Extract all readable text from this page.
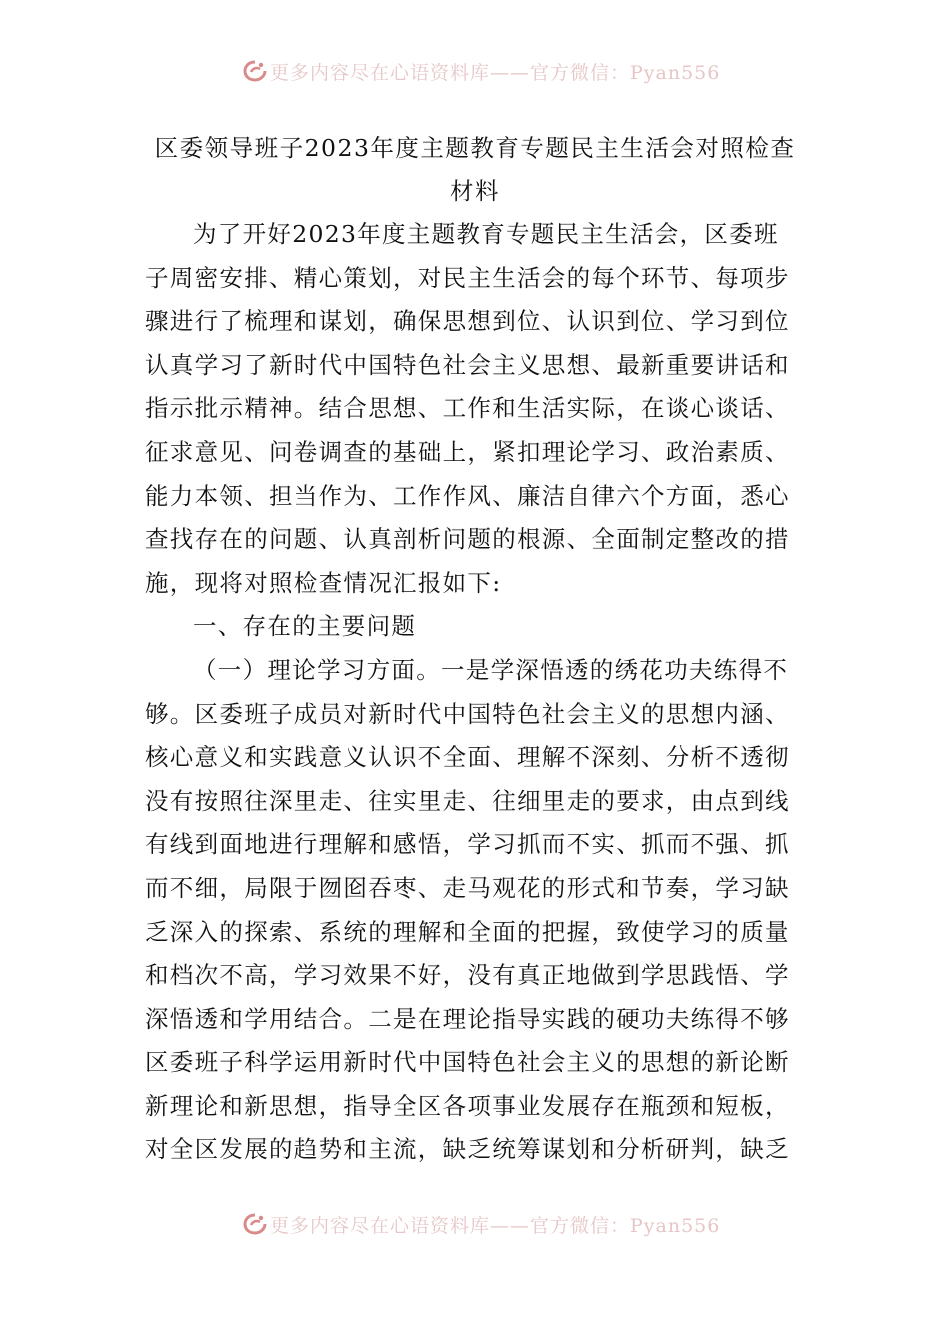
更多内容尽在心语资料库——官方微信：Pyan556
区委领导班子2023年度主题教育专题民主生活会对照检查
材料
为了开好2023年度主题教育专题民主生活会，区委班
子周密安排、精心策划，对民主生活会的每个环节、每项步
骤进行了梳理和谋划，确保思想到位、认识到位、学习到位
认真学习了新时代中国特色社会主义思想、最新重要讲话和
指示批示精神。结合思想、工作和生活实际，在谈心谈话、
征求意见、问卷调查的基础上，紧扣理论学习、政治素质、
能力本领、担当作为、工作作风、廉洁自律六个方面，悉心
查找存在的问题、认真剖析问题的根源、全面制定整改的措
施，现将对照检查情况汇报如下:
一、存在的主要问题
（一）理论学习方面。一是学深悟透的绣花功夫练得不
够。区委班子成员对新时代中国特色社会主义的思想内涵、
核心意义和实践意义认识不全面、理解不深刻、分析不透彻
没有按照往深里走、往实里走、往细里走的要求，由点到线
有线到面地进行理解和感悟，学习抓而不实、抓而不强、抓
而不细，局限于囫囵吞枣、走马观花的形式和节奏，学习缺
乏深入的探索、系统的理解和全面的把握，致使学习的质量
和档次不高，学习效果不好，没有真正地做到学思践悟、学
深悟透和学用结合。二是在理论指导实践的硬功夫练得不够
区委班子科学运用新时代中国特色社会主义的思想的新论断
新理论和新思想，指导全区各项事业发展存在瓶颈和短板，
对全区发展的趋势和主流，缺乏统筹谋划和分析研判，缺乏
更多内容尽在心语资料库——官方微信：Pyan556
